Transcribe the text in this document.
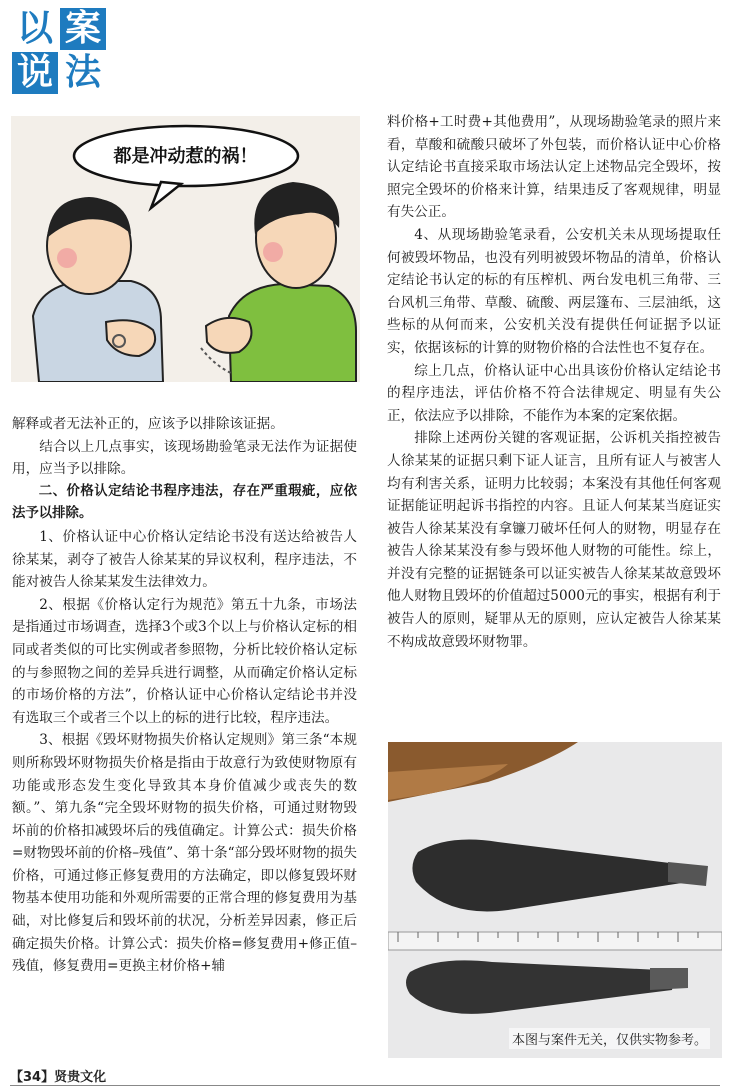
以 案
说 法
都是冲动惹的祸！

解释或者无法补正的，应该予以排除该证据。

结合以上几点事实，该现场勘验笔录无法作为证据使用，应当予以排除。

二、价格认定结论书程序违法，存在严重瑕疵，应依法予以排除。

1、价格认证中心价格认定结论书没有送达给被告人徐某某，剥夺了被告人徐某某的异议权利，程序违法，不能对被告人徐某某发生法律效力。

2、根据《价格认定行为规范》第五十九条，市场法是指通过市场调查，选择3个或3个以上与价格认定标的相同或者类似的可比实例或者参照物，分析比较价格认定标的与参照物之间的差异兵进行调整，从而确定价格认定标的市场价格的方法”，价格认证中心价格认定结论书并没有选取三个或者三个以上的标的进行比较，程序违法。

3、根据《毁坏财物损失价格认定规则》第三条“本规则所称毁坏财物损失价格是指由于故意行为致使财物原有功能或形态发生变化导致其本身价值减少或丧失的数额。”、第九条“完全毁坏财物的损失价格，可通过财物毁坏前的价格扣减毁坏后的残值确定。计算公式：损失价格=财物毁坏前的价格–残值”、第十条“部分毁坏财物的损失价格，可通过修正修复费用的方法确定，即以修复毁坏财物基本使用功能和外观所需要的正常合理的修复费用为基础，对比修复后和毁坏前的状况，分析差异因素，修正后确定损失价格。计算公式：损失价格=修复费用+修正值–残值，修复费用=更换主材价格+辅

料价格+工时费+其他费用”，从现场勘验笔录的照片来看，草酸和硫酸只破坏了外包装，而价格认证中心价格认定结论书直接采取市场法认定上述物品完全毁坏，按照完全毁坏的价格来计算，结果违反了客观规律，明显有失公正。

4、从现场勘验笔录看，公安机关未从现场提取任何被毁坏物品，也没有列明被毁坏物品的清单，价格认定结论书认定的标的有压榨机、两台发电机三角带、三台风机三角带、草酸、硫酸、两层篷布、三层油纸，这些标的从何而来，公安机关没有提供任何证据予以证实，依据该标的计算的财物价格的合法性也不复存在。

综上几点，价格认证中心出具该份价格认定结论书的程序违法，评估价格不符合法律规定、明显有失公正，依法应予以排除，不能作为本案的定案依据。

排除上述两份关键的客观证据，公诉机关指控被告人徐某某的证据只剩下证人证言，且所有证人与被害人均有利害关系，证明力比较弱；本案没有其他任何客观证据能证明起诉书指控的内容。且证人何某某当庭证实被告人徐某某没有拿镰刀破坏任何人的财物，明显存在被告人徐某某没有参与毁坏他人财物的可能性。综上，并没有完整的证据链条可以证实被告人徐某某故意毁坏他人财物且毁坏的价值超过5000元的事实，根据有利于被告人的原则，疑罪从无的原则，应认定被告人徐某某不构成故意毁坏财物罪。

本图与案件无关，仅供实物参考。
【34】贤贵文化
